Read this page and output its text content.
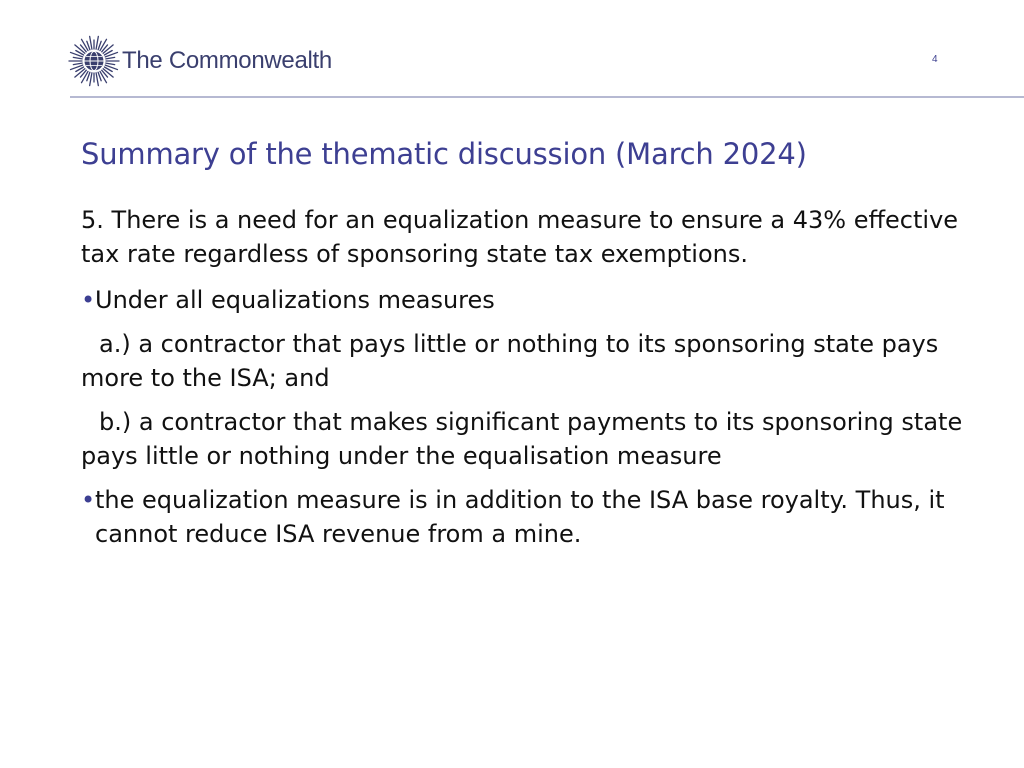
The Commonwealth	4
Summary of the thematic discussion (March 2024)

5. There is a need for an equalization measure to ensure a 43% effective tax rate regardless of sponsoring state tax exemptions.

• Under all equalizations measures

a.) a contractor that pays little or nothing to its sponsoring state pays more to the ISA; and

b.) a contractor that makes significant payments to its sponsoring state pays little or nothing under the equalisation measure

• the equalization measure is in addition to the ISA base royalty. Thus, it cannot reduce ISA revenue from a mine.
